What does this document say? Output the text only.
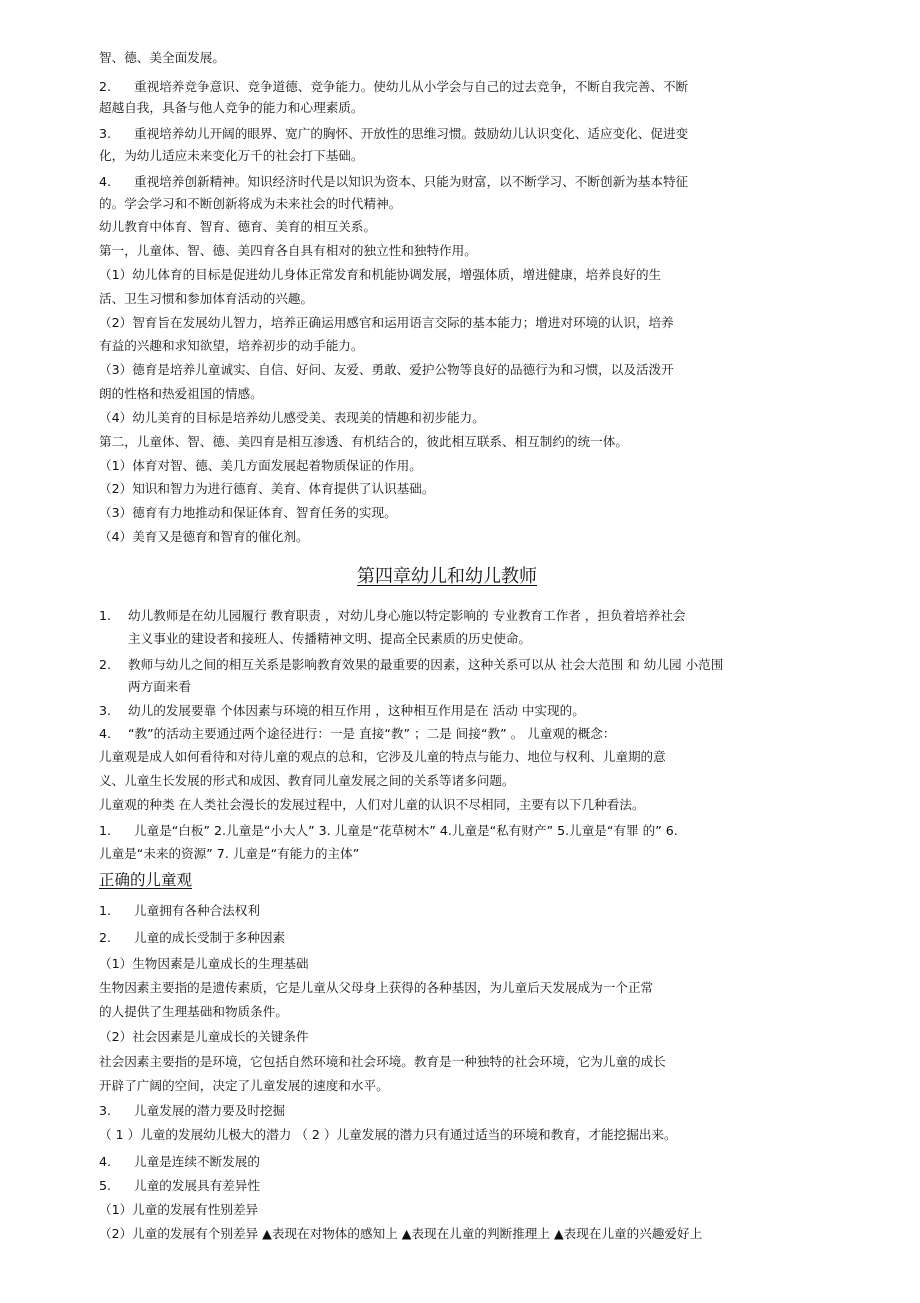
智、德、美全面发展。
2. 重视培养竞争意识、竞争道德、竞争能力。使幼儿从小学会与自己的过去竞争，不断自我完善、不断
超越自我，具备与他人竞争的能力和心理素质。
3. 重视培养幼儿开阔的眼界、宽广的胸怀、开放性的思维习惯。鼓励幼儿认识变化、适应变化、促进变
化，为幼儿适应未来变化万千的社会打下基础。
4. 重视培养创新精神。知识经济时代是以知识为资本、只能为财富，以不断学习、不断创新为基本特征
的。学会学习和不断创新将成为未来社会的时代精神。
幼儿教育中体育、智育、德育、美育的相互关系。
第一，儿童体、智、德、美四育各自具有相对的独立性和独特作用。
（1）幼儿体育的目标是促进幼儿身体正常发育和机能协调发展，增强体质，增进健康，培养良好的生
活、卫生习惯和参加体育活动的兴趣。
（2）智育旨在发展幼儿智力，培养正确运用感官和运用语言交际的基本能力；增进对环境的认识，培养
有益的兴趣和求知欲望，培养初步的动手能力。
（3）德育是培养儿童诚实、自信、好问、友爱、勇敢、爱护公物等良好的品德行为和习惯，以及活泼开
朗的性格和热爱祖国的情感。
（4）幼儿美育的目标是培养幼儿感受美、表现美的情趣和初步能力。
第二，儿童体、智、德、美四育是相互渗透、有机结合的，彼此相互联系、相互制约的统一体。
（1）体育对智、德、美几方面发展起着物质保证的作用。
（2）知识和智力为进行德育、美育、体育提供了认识基础。
（3）德育有力地推动和保证体育、智育任务的实现。
（4）美育又是德育和智育的催化剂。
第四章幼儿和幼儿教师
1. 幼儿教师是在幼儿园履行 教育职责 ，对幼儿身心施以特定影响的 专业教育工作者 ，担负着培养社会
主义事业的建设者和接班人、传播精神文明、提高全民素质的历史使命。
2. 教师与幼儿之间的相互关系是影响教育效果的最重要的因素，这种关系可以从 社会大范围 和 幼儿园 小范围
两方面来看
3. 幼儿的发展要靠 个体因素与环境的相互作用 ，这种相互作用是在 活动 中实现的。
4. “教”的活动主要通过两个途径进行：一是 直接“教” ；二是 间接“教” 。 儿童观的概念：
儿童观是成人如何看待和对待儿童的观点的总和，它涉及儿童的特点与能力、地位与权利、儿童期的意
义、儿童生长发展的形式和成因、教育同儿童发展之间的关系等诸多问题。
儿童观的种类 在人类社会漫长的发展过程中，人们对儿童的认识不尽相同，主要有以下几种看法。
1. 儿童是“白板” 2.儿童是“小大人” 3. 儿童是“花草树木” 4.儿童是“私有财产” 5.儿童是“有罪 的” 6.
儿童是“未来的资源” 7. 儿童是“有能力的主体”
正确的儿童观
1. 儿童拥有各种合法权利
2. 儿童的成长受制于多种因素
（1）生物因素是儿童成长的生理基础
生物因素主要指的是遗传素质，它是儿童从父母身上获得的各种基因，为儿童后天发展成为一个正常
的人提供了生理基础和物质条件。
（2）社会因素是儿童成长的关键条件
社会因素主要指的是环境，它包括自然环境和社会环境。教育是一种独特的社会环境，它为儿童的成长
开辟了广阔的空间，决定了儿童发展的速度和水平。
3. 儿童发展的潜力要及时挖掘
（ 1 ）儿童的发展幼儿极大的潜力 （ 2 ）儿童发展的潜力只有通过适当的环境和教育，才能挖掘出来。
4. 儿童是连续不断发展的
5. 儿童的发展具有差异性
（1）儿童的发展有性别差异
（2）儿童的发展有个别差异 ▲表现在对物体的感知上 ▲表现在儿童的判断推理上 ▲表现在儿童的兴趣爱好上
